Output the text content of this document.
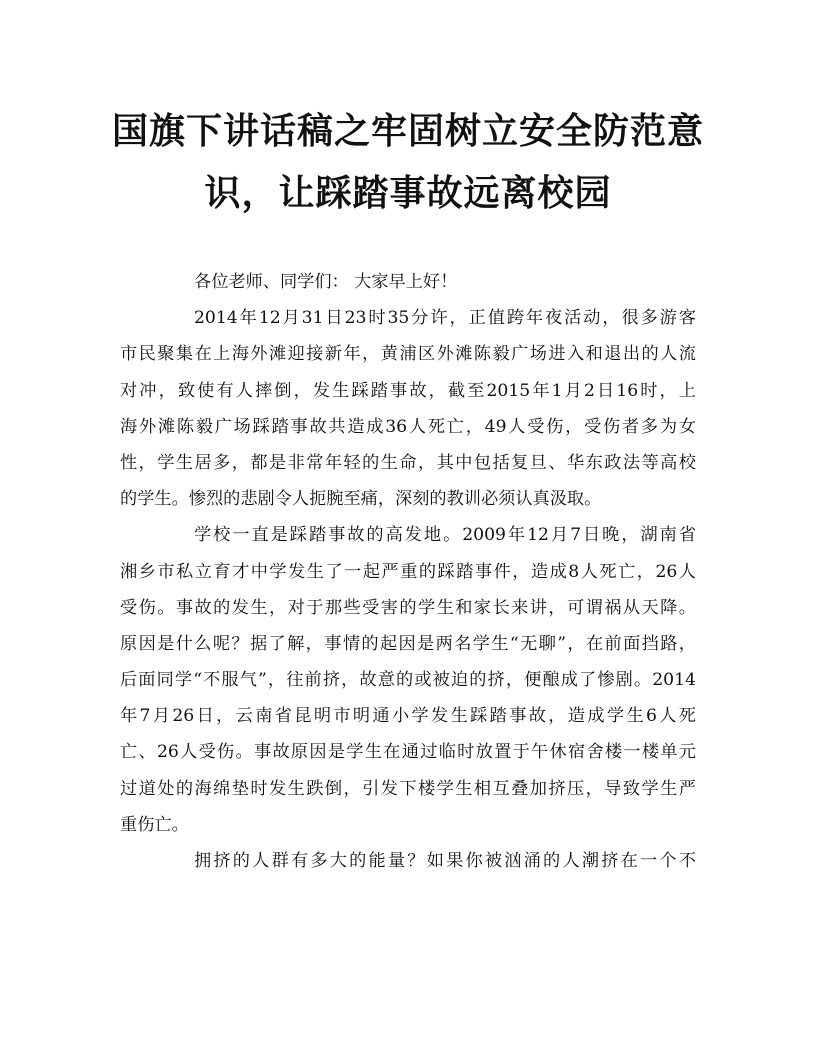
国旗下讲话稿之牢固树立安全防范意
识，让踩踏事故远离校园

各位老师、同学们： 大家早上好！

2014年12月31日23时35分许，正值跨年夜活动，很多游客
市民聚集在上海外滩迎接新年，黄浦区外滩陈毅广场进入和退出的人流
对冲，致使有人摔倒，发生踩踏事故，截至2015年1月2日16时，上
海外滩陈毅广场踩踏事故共造成36人死亡，49人受伤，受伤者多为女
性，学生居多，都是非常年轻的生命，其中包括复旦、华东政法等高校
的学生。惨烈的悲剧令人扼腕至痛，深刻的教训必须认真汲取。

学校一直是踩踏事故的高发地。2009年12月7日晚，湖南省
湘乡市私立育才中学发生了一起严重的踩踏事件，造成8人死亡，26人
受伤。事故的发生，对于那些受害的学生和家长来讲，可谓祸从天降。
原因是什么呢？据了解，事情的起因是两名学生“无聊”，在前面挡路，
后面同学“不服气”，往前挤，故意的或被迫的挤，便酿成了惨剧。2014
年7月26日，云南省昆明市明通小学发生踩踏事故，造成学生6人死
亡、26人受伤。事故原因是学生在通过临时放置于午休宿舍楼一楼单元
过道处的海绵垫时发生跌倒，引发下楼学生相互叠加挤压，导致学生严
重伤亡。

拥挤的人群有多大的能量？如果你被汹涌的人潮挤在一个不
